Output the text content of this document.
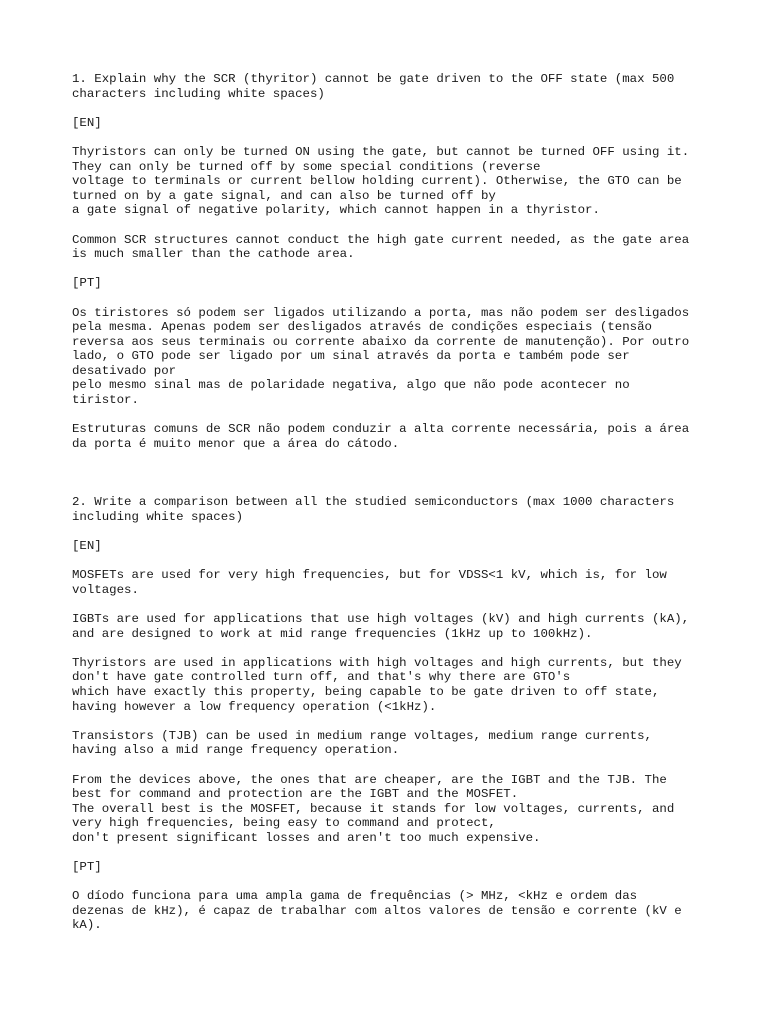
1. Explain why the SCR (thyritor) cannot be gate driven to the OFF state (max 500
characters including white spaces)

[EN]

Thyristors can only be turned ON using the gate, but cannot be turned OFF using it.
They can only be turned off by some special conditions (reverse
voltage to terminals or current bellow holding current). Otherwise, the GTO can be
turned on by a gate signal, and can also be turned off by
a gate signal of negative polarity, which cannot happen in a thyristor.

Common SCR structures cannot conduct the high gate current needed, as the gate area
is much smaller than the cathode area.

[PT]

Os tiristores só podem ser ligados utilizando a porta, mas não podem ser desligados
pela mesma. Apenas podem ser desligados através de condições especiais (tensão
reversa aos seus terminais ou corrente abaixo da corrente de manutenção). Por outro
lado, o GTO pode ser ligado por um sinal através da porta e também pode ser
desativado por
pelo mesmo sinal mas de polaridade negativa, algo que não pode acontecer no
tiristor.

Estruturas comuns de SCR não podem conduzir a alta corrente necessária, pois a área
da porta é muito menor que a área do cátodo.

2. Write a comparison between all the studied semiconductors (max 1000 characters
including white spaces)

[EN]

MOSFETs are used for very high frequencies, but for VDSS<1 kV, which is, for low
voltages.

IGBTs are used for applications that use high voltages (kV) and high currents (kA),
and are designed to work at mid range frequencies (1kHz up to 100kHz).

Thyristors are used in applications with high voltages and high currents, but they
don't have gate controlled turn off, and that's why there are GTO's
which have exactly this property, being capable to be gate driven to off state,
having however a low frequency operation (<1kHz).

Transistors (TJB) can be used in medium range voltages, medium range currents,
having also a mid range frequency operation.

From the devices above, the ones that are cheaper, are the IGBT and the TJB. The
best for command and protection are the IGBT and the MOSFET.
The overall best is the MOSFET, because it stands for low voltages, currents, and
very high frequencies, being easy to command and protect,
don't present significant losses and aren't too much expensive.

[PT]

O díodo funciona para uma ampla gama de frequências (> MHz, <kHz e ordem das
dezenas de kHz), é capaz de trabalhar com altos valores de tensão e corrente (kV e
kA).
